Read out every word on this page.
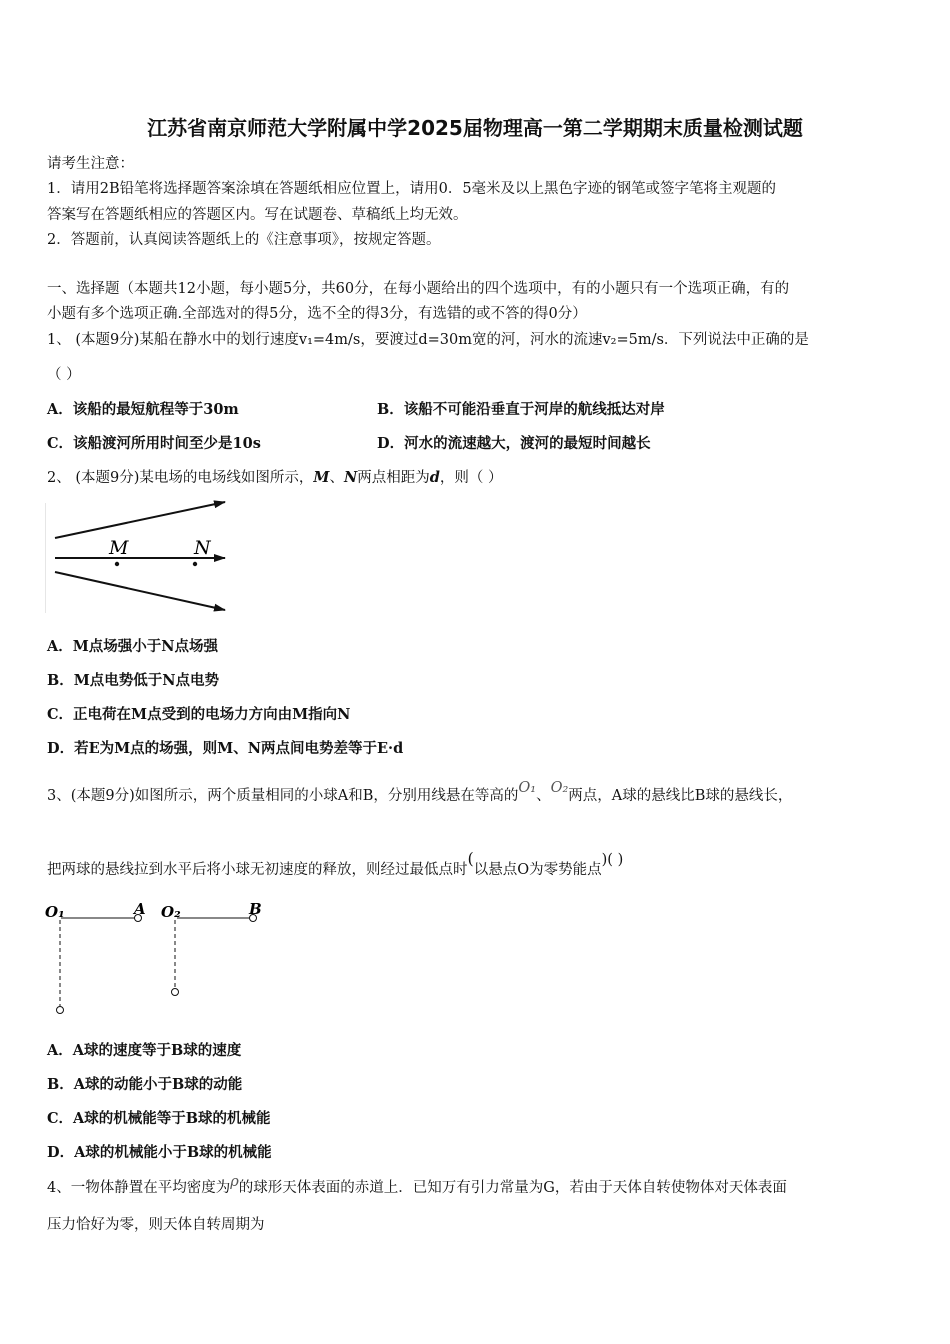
江苏省南京师范大学附属中学2025届物理高一第二学期期末质量检测试题
请考生注意：
1．请用2B铅笔将选择题答案涂填在答题纸相应位置上，请用0．5毫米及以上黑色字迹的钢笔或签字笔将主观题的
答案写在答题纸相应的答题区内。写在试题卷、草稿纸上均无效。
2．答题前，认真阅读答题纸上的《注意事项》，按规定答题。
一、选择题（本题共12小题，每小题5分，共60分，在每小题给出的四个选项中，有的小题只有一个选项正确，有的
小题有多个选项正确.全部选对的得5分，选不全的得3分，有选错的或不答的得0分）
1、 (本题9分)某船在静水中的划行速度v₁=4m/s，要渡过d=30m宽的河，河水的流速v₂=5m/s．下列说法中正确的是
（ ）
A．该船的最短航程等于30m	B．该船不可能沿垂直于河岸的航线抵达对岸
C．该船渡河所用时间至少是10s	D．河水的流速越大，渡河的最短时间越长
2、 (本题9分)某电场的电场线如图所示，M、N两点相距为d，则（ ）
M	N
A．M点场强小于N点场强
B．M点电势低于N点电势
C．正电荷在M点受到的电场力方向由M指向N
D．若E为M点的场强，则M、N两点间电势差等于E·d
3、(本题9分)如图所示，两个质量相同的小球A和B，分别用线悬在等高的O₁、O₂两点，A球的悬线比B球的悬线长，
把两球的悬线拉到水平后将小球无初速度的释放，则经过最低点时(以悬点O为零势能点)( )
O₁	A O₂	B
A．A球的速度等于B球的速度
B．A球的动能小于B球的动能
C．A球的机械能等于B球的机械能
D．A球的机械能小于B球的机械能
4、一物体静置在平均密度为ρ的球形天体表面的赤道上．已知万有引力常量为G，若由于天体自转使物体对天体表面
压力恰好为零，则天体自转周期为
